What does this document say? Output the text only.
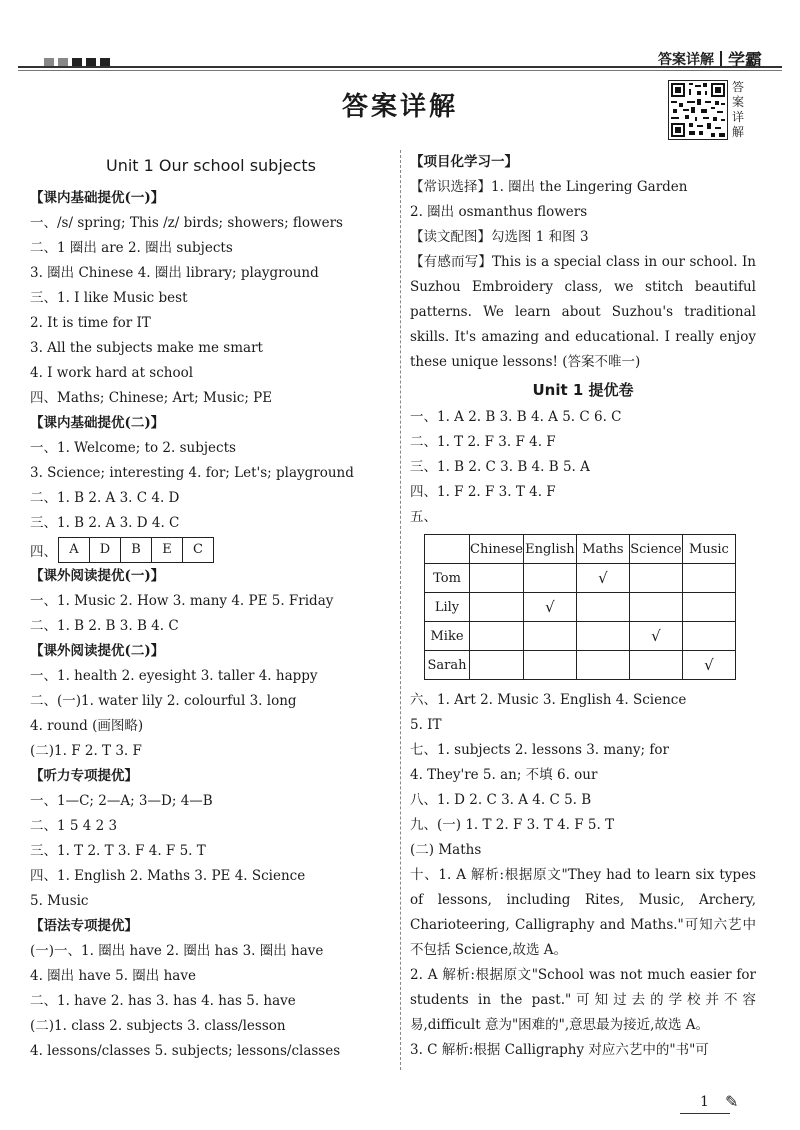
答案详解 学霸
答案详解
答
案
详
解
Unit 1 Our school subjects
【课内基础提优(一)】
一、/s/ spring; This /z/ birds; showers; flowers
二、1 圈出 are 2. 圈出 subjects
3. 圈出 Chinese 4. 圈出 library; playground
三、1. I like Music best
2. It is time for IT
3. All the subjects make me smart
4. I work hard at school
四、Maths; Chinese; Art; Music; PE
【课内基础提优(二)】
一、1. Welcome; to 2. subjects
3. Science; interesting 4. for; Let's; playground
二、1. B 2. A 3. C 4. D
三、1. B 2. A 3. D 4. C
四、 A	D	B	E	C
【课外阅读提优(一)】
一、1. Music 2. How 3. many 4. PE 5. Friday
二、1. B 2. B 3. B 4. C
【课外阅读提优(二)】
一、1. health 2. eyesight 3. taller 4. happy
二、(一)1. water lily 2. colourful 3. long
4. round (画图略)
(二)1. F 2. T 3. F
【听力专项提优】
一、1—C; 2—A; 3—D; 4—B
二、1 5 4 2 3
三、1. T 2. T 3. F 4. F 5. T
四、1. English 2. Maths 3. PE 4. Science
5. Music
【语法专项提优】
(一)一、1. 圈出 have 2. 圈出 has 3. 圈出 have
4. 圈出 have 5. 圈出 have
二、1. have 2. has 3. has 4. has 5. have
(二)1. class 2. subjects 3. class/lesson
4. lessons/classes 5. subjects; lessons/classes
【项目化学习一】
【常识选择】1. 圈出 the Lingering Garden
2. 圈出 osmanthus flowers
【读文配图】勾选图 1 和图 3
【有感而写】This is a special class in our school. In Suzhou Embroidery class, we stitch beautiful patterns. We learn about Suzhou's traditional skills. It's amazing and educational. I really enjoy these unique lessons! (答案不唯一)
Unit 1 提优卷
一、1. A 2. B 3. B 4. A 5. C 6. C
二、1. T 2. F 3. F 4. F
三、1. B 2. C 3. B 4. B 5. A
四、1. F 2. F 3. T 4. F
五、
	Chinese	English	Maths	Science	Music
Tom			√		
Lily		√			
Mike				√	
Sarah					√
六、1. Art 2. Music 3. English 4. Science
5. IT
七、1. subjects 2. lessons 3. many; for
4. They're 5. an; 不填 6. our
八、1. D 2. C 3. A 4. C 5. B
九、(一) 1. T 2. F 3. T 4. F 5. T
(二) Maths
十、1. A 解析:根据原文"They had to learn six types of lessons, including Rites, Music, Archery, Charioteering, Calligraphy and Maths."可知六艺中不包括 Science,故选 A。
2. A 解析:根据原文"School was not much easier for students in the past."可知过去的学校并不容易,difficult 意为"困难的",意思最为接近,故选 A。
3. C 解析:根据 Calligraphy 对应六艺中的"书"可
1 ✎
